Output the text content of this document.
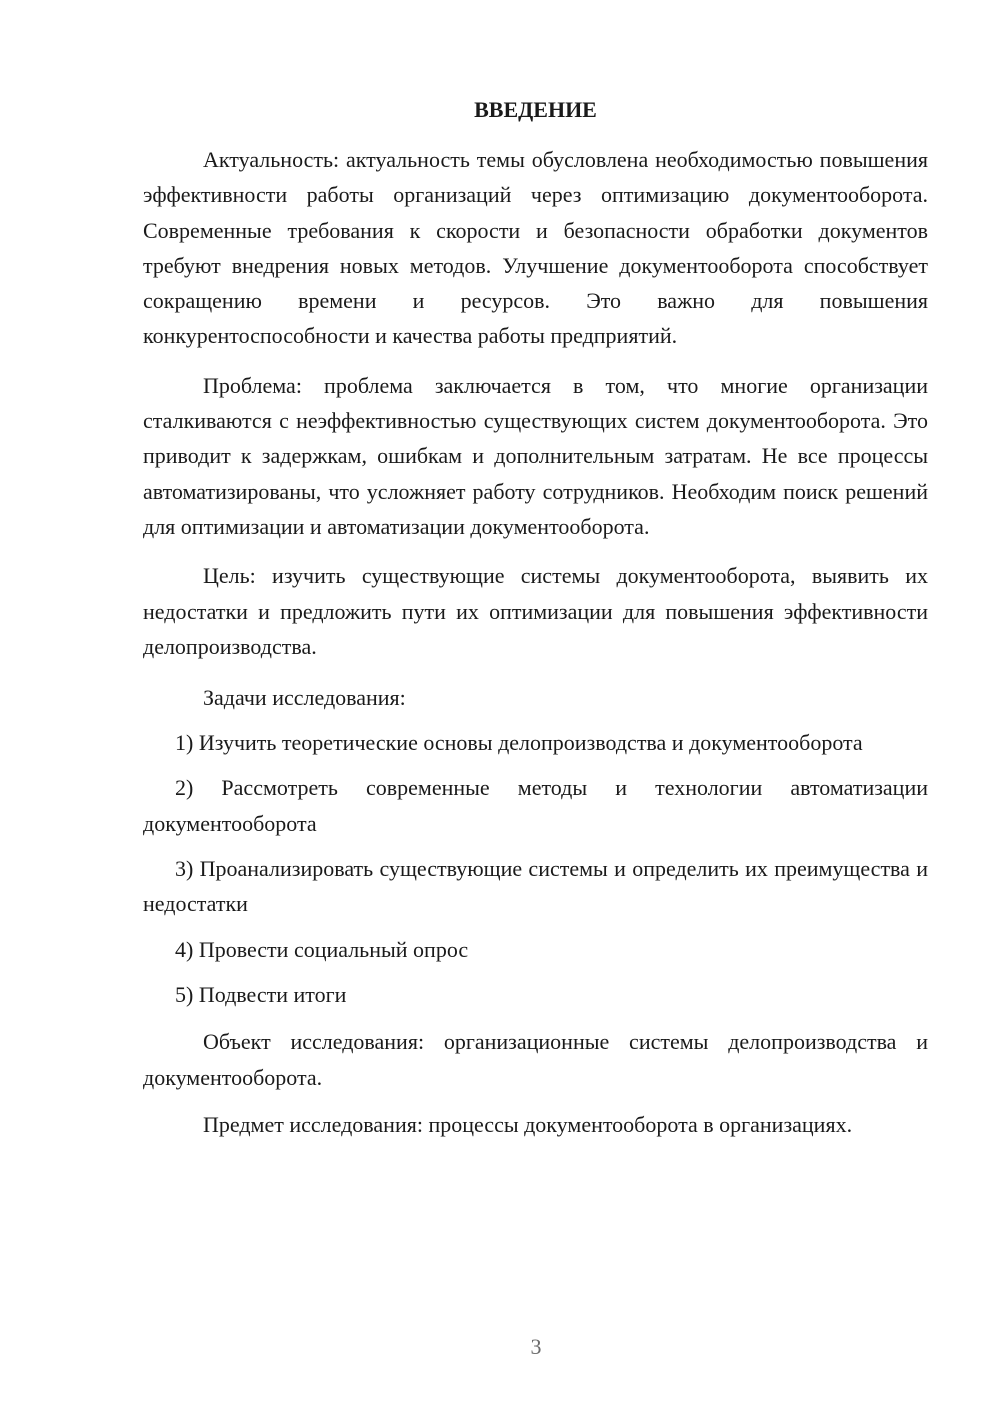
ВВЕДЕНИЕ

Актуальность: актуальность темы обусловлена необходимостью повышения эффективности работы организаций через оптимизацию документооборота. Современные требования к скорости и безопасности обработки документов требуют внедрения новых методов. Улучшение документооборота способствует сокращению времени и ресурсов. Это важно для повышения конкурентоспособности и качества работы предприятий.

Проблема: проблема заключается в том, что многие организации сталкиваются с неэффективностью существующих систем документооборота. Это приводит к задержкам, ошибкам и дополнительным затратам. Не все процессы автоматизированы, что усложняет работу сотрудников. Необходим поиск решений для оптимизации и автоматизации документооборота.

Цель: изучить существующие системы документооборота, выявить их недостатки и предложить пути их оптимизации для повышения эффективности делопроизводства.

Задачи исследования:

1) Изучить теоретические основы делопроизводства и документооборота
2) Рассмотреть современные методы и технологии автоматизации документооборота
3) Проанализировать существующие системы и определить их преимущества и недостатки
4) Провести социальный опрос
5) Подвести итоги

Объект исследования: организационные системы делопроизводства и документооборота.

Предмет исследования: процессы документооборота в организациях.

3
